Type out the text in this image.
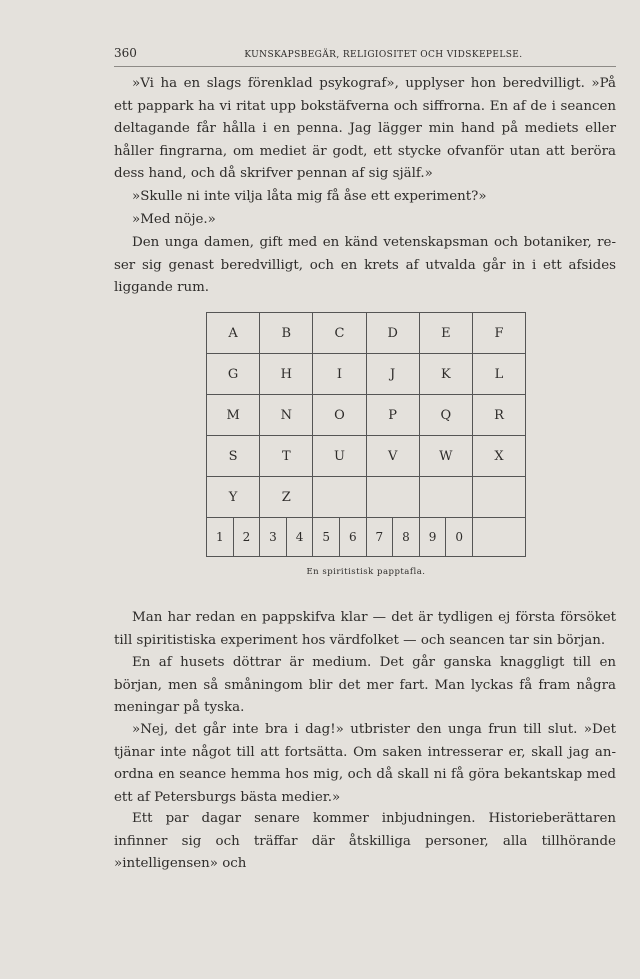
360	KUNSKAPSBEGÄR, RELIGIOSITET OCH VIDSKEPELSE.

»Vi ha en slags förenklad psykograf», upplyser hon beredvilligt. »På ett pappark ha vi ritat upp bokstäfverna och siffrorna. En af de i seancen deltagande får hålla i en penna. Jag lägger min hand på mediets eller håller fingrarna, om mediet är godt, ett stycke ofvanför utan att beröra dess hand, och då skrifver pennan af sig själf.»

»Skulle ni inte vilja låta mig få åse ett experiment?»

»Med nöje.»

Den unga damen, gift med en känd vetenskapsman och botaniker, re-ser sig genast beredvilligt, och en krets af utvalda går in i ett afsides liggande rum.

A	B	C	D	E	F
G	H	I	J	K	L
M	N	O	P	Q	R
S	T	U	V	W	X
Y	Z				

1 2	3 4	5 6	7 8	9 0	

En spiritistisk papptafla.

Man har redan en pappskifva klar — det är tydligen ej första försöket till spiritistiska experiment hos värdfolket — och seancen tar sin början.

En af husets döttrar är medium. Det går ganska knaggligt till en början, men så småningom blir det mer fart. Man lyckas få fram några meningar på tyska.

»Nej, det går inte bra i dag!» utbrister den unga frun till slut. »Det tjänar inte något till att fortsätta. Om saken intresserar er, skall jag an-ordna en seance hemma hos mig, och då skall ni få göra bekantskap med ett af Petersburgs bästa medier.»

Ett par dagar senare kommer inbjudningen. Historieberättaren infinner sig och träffar där åtskilliga personer, alla tillhörande »intelligensen» och
